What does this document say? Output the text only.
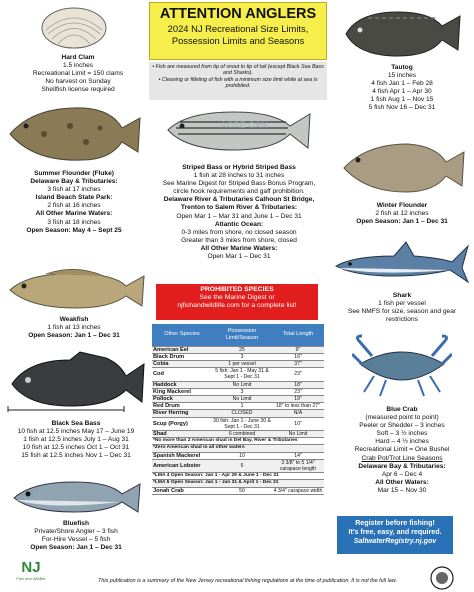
ATTENTION ANGLERS
2024 NJ Recreational Size Limits, Possession Limits and Seasons
• Fish are measured from tip of snout to tip of tail (except Black Sea Bass and Sharks).
• Cleaning or filleting of fish with a minimum size limit while at sea is prohibited.
Hard Clam
1.5 inches
Recreational Limit = 150 clams
No harvest on Sunday
Shellfish license required
Tautog
15 inches
4 fish Jan 1 – Feb 28
4 fish Apr 1 – Apr 30
1 fish Aug 1 – Nov 15
5 fish Nov 16 – Dec 31
Summer Flounder (Fluke)
Delaware Bay & Tributaries:
3 fish at 17 inches
Island Beach State Park:
2 fish at 16 inches
All Other Marine Waters:
3 fish at 18 inches
Open Season: May 4 – Sept 25
ACRE CAN
Striped Bass or Hybrid Striped Bass
1 fish at 28 inches to 31 inches
See Marine Digest for Striped Bass Bonus Program,
circle hook requirements and gaff prohibition.
Delaware River & Tributaries Calhoun St Bridge,
Trenton to Salem River & Tributaries:
Open Mar 1 – Mar 31 and June 1 – Dec 31
Atlantic Ocean:
0-3 miles from shore, no closed season
Greater than 3 miles from shore, closed
All Other Marine Waters:
Open Mar 1 – Dec 31
Winter Flounder
2 fish at 12 inches
Open Season: Jan 1 – Dec 31
Shark
1 fish per vessel
See NMFS for size, season and gear
restrictions
Weakfish
1 fish at 13 inches
Open Season: Jan 1 – Dec 31
Black Sea Bass
10 fish at 12.5 inches May 17 – June 19
1 fish at 12.5 inches July 1 – Aug 31
10 fish at 12.5 inches Oct 1 – Oct 31
15 fish at 12.5 inches Nov 1 – Dec 31
Bluefish
Private/Shore Angler – 3 fish
For-Hire Vessel – 5 fish
Open Season: Jan 1 – Dec 31
Blue Crab
(measured point to point)
Peeler or Shedder – 3 inches
Soft – 3 ½ inches
Hard – 4 ½ inches
Recreational Limit = One Bushel
Crab Pot/Trot Line Seasons
Delaware Bay & Tributaries:
Apr 6 – Dec 4
All Other Waters:
Mar 15 – Nov 30
PROHIBITED SPECIES
See the Marine Digest or
njfishandwildlife.com for a complete list!
Other Species	Possession Limit/Season	Total Length
American Eel	25	9"
Black Drum	3	16"
Cobia	1 per vessel	37"
Cod	5 fish: Jan 1 - May 31 & Sept 1 - Dec 31	23"
Haddock	No Limit	18"
King Mackerel	3	23"
Pollock	No Limit	19"
Red Drum	1	18" to less than 27"
River Herring	CLOSED	N/A
Scup (Porgy)	30 fish: Jan 1 - June 30 & Sept 1 - Dec 31	10"
Shad	6 combined	No Limit
*No more than 2 American shad in Del Bay, River & Tributaries		
*Zero American shad in all other waters		
Spanish Mackerel	10	14"
American Lobster	6	3 3/8" to 5 1/4" carapace length
*LMA 4 Open Season: Jan 1 - Apr 29 & June 1 - Dec 31		
*LMA 5 Open Season: Jan 1 - Jan 31 & April 1 - Dec 31		
Jonah Crab	50	4 3/4" carapace width
Register before fishing!
It's free, easy, and required.
SaltwaterRegistry.nj.gov
NJ
Fish and Wildlife	This publication is a summary of the New Jersey recreational fishing regulations at the time of publication. It is not the full law.
